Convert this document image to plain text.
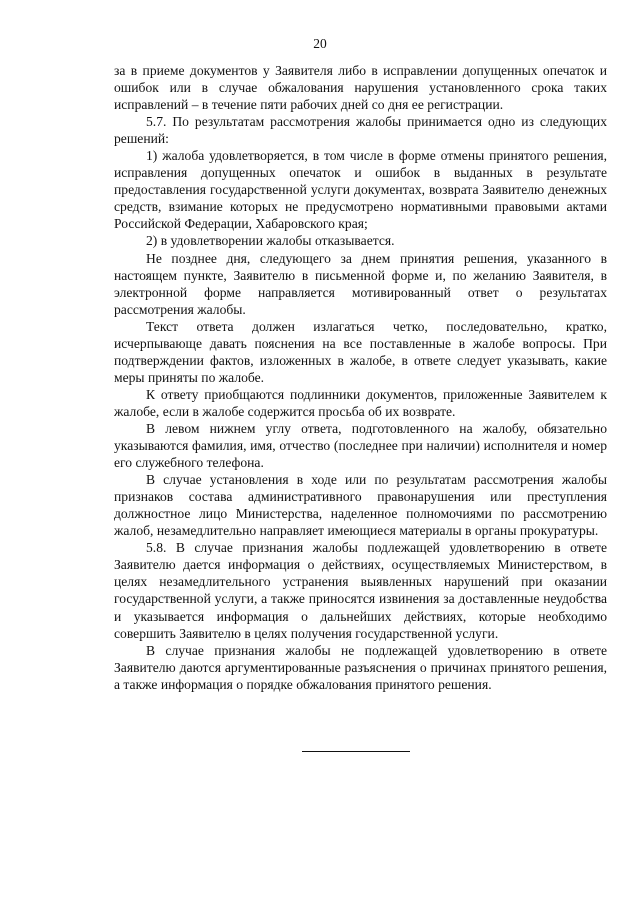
20

за в приеме документов у Заявителя либо в исправлении допущенных опечаток и ошибок или в случае обжалования нарушения установленного срока таких исправлений – в течение пяти рабочих дней со дня ее регистрации.

5.7. По результатам рассмотрения жалобы принимается одно из следующих решений:

1) жалоба удовлетворяется, в том числе в форме отмены принятого решения, исправления допущенных опечаток и ошибок в выданных в результате предоставления государственной услуги документах, возврата Заявителю денежных средств, взимание которых не предусмотрено нормативными правовыми актами Российской Федерации, Хабаровского края;

2) в удовлетворении жалобы отказывается.

Не позднее дня, следующего за днем принятия решения, указанного в настоящем пункте, Заявителю в письменной форме и, по желанию Заявителя, в электронной форме направляется мотивированный ответ о результатах рассмотрения жалобы.

Текст ответа должен излагаться четко, последовательно, кратко, исчерпывающе давать пояснения на все поставленные в жалобе вопросы. При подтверждении фактов, изложенных в жалобе, в ответе следует указывать, какие меры приняты по жалобе.

К ответу приобщаются подлинники документов, приложенные Заявителем к жалобе, если в жалобе содержится просьба об их возврате.

В левом нижнем углу ответа, подготовленного на жалобу, обязательно указываются фамилия, имя, отчество (последнее при наличии) исполнителя и номер его служебного телефона.

В случае установления в ходе или по результатам рассмотрения жалобы признаков состава административного правонарушения или преступления должностное лицо Министерства, наделенное полномочиями по рассмотрению жалоб, незамедлительно направляет имеющиеся материалы в органы прокуратуры.

5.8. В случае признания жалобы подлежащей удовлетворению в ответе Заявителю дается информация о действиях, осуществляемых Министерством, в целях незамедлительного устранения выявленных нарушений при оказании государственной услуги, а также приносятся извинения за доставленные неудобства и указывается информация о дальнейших действиях, которые необходимо совершить Заявителю в целях получения государственной услуги.

В случае признания жалобы не подлежащей удовлетворению в ответе Заявителю даются аргументированные разъяснения о причинах принятого решения, а также информация о порядке обжалования принятого решения.
